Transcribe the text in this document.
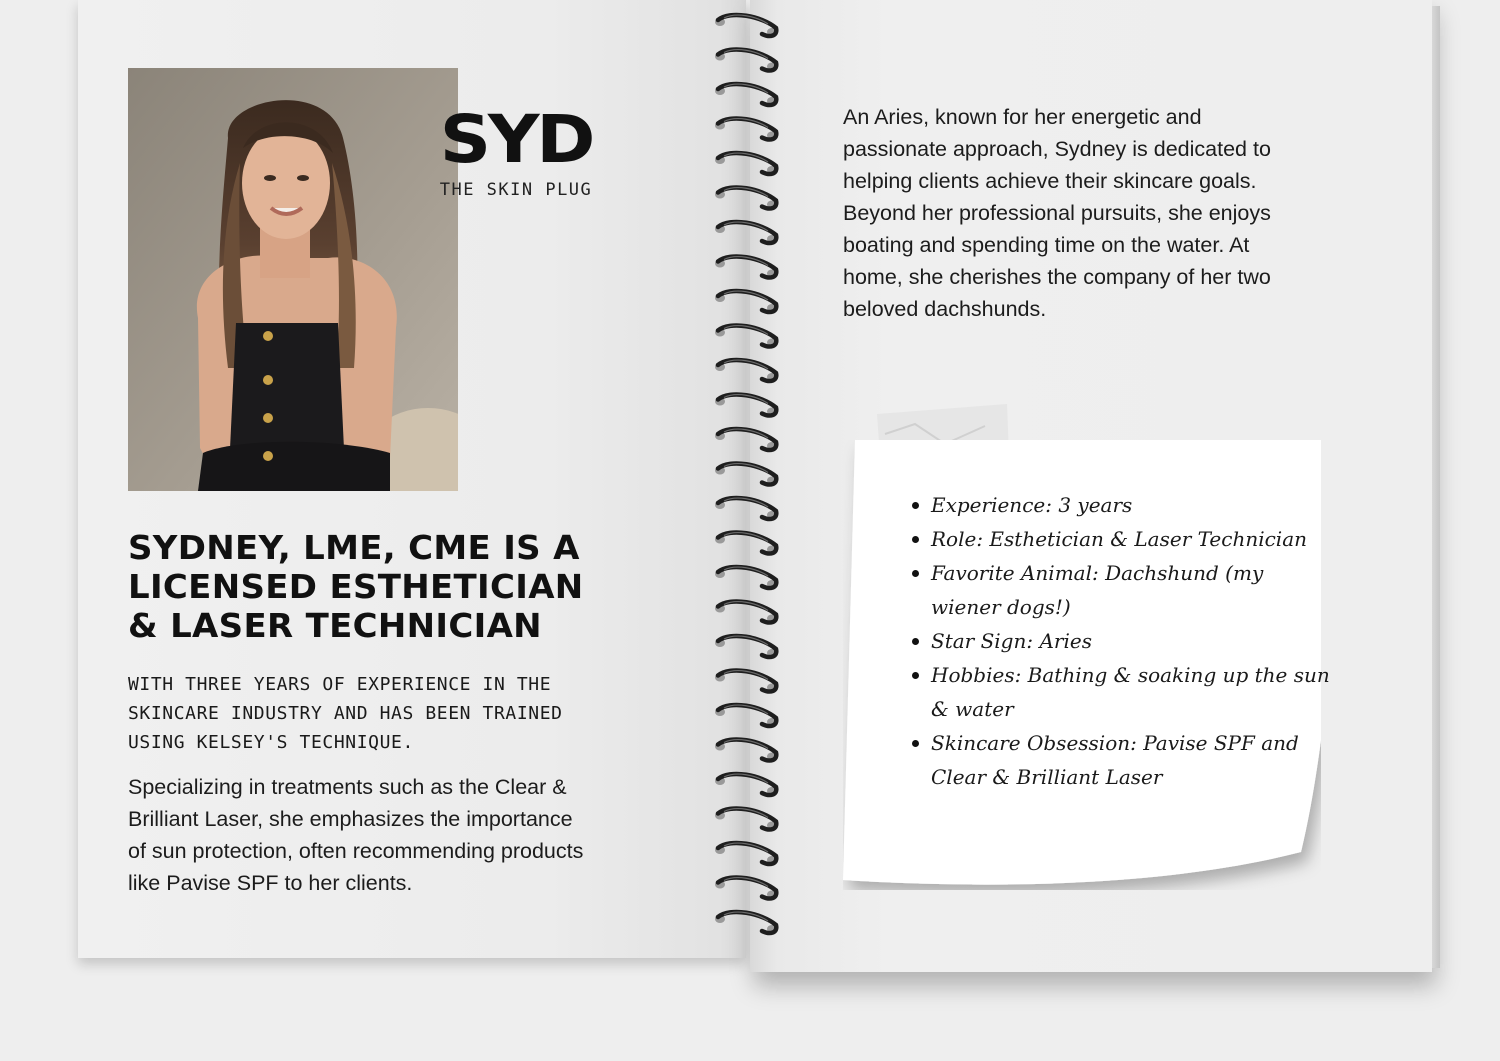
SYD
THE SKIN PLUG
SYDNEY, LME, CME IS A
LICENSED ESTHETICIAN
& LASER TECHNICIAN
WITH THREE YEARS OF EXPERIENCE IN THE
SKINCARE INDUSTRY AND HAS BEEN TRAINED
USING KELSEY'S TECHNIQUE.
Specializing in treatments such as the Clear &
Brilliant Laser, she emphasizes the importance
of sun protection, often recommending products
like Pavise SPF to her clients.
An Aries, known for her energetic and
passionate approach, Sydney is dedicated to
helping clients achieve their skincare goals.
Beyond her professional pursuits, she enjoys
boating and spending time on the water. At
home, she cherishes the company of her two
beloved dachshunds.
Experience: 3 years
Role: Esthetician & Laser Technician
Favorite Animal: Dachshund (my wiener dogs!)
Star Sign: Aries
Hobbies: Bathing & soaking up the sun & water
Skincare Obsession: Pavise SPF and Clear & Brilliant Laser
